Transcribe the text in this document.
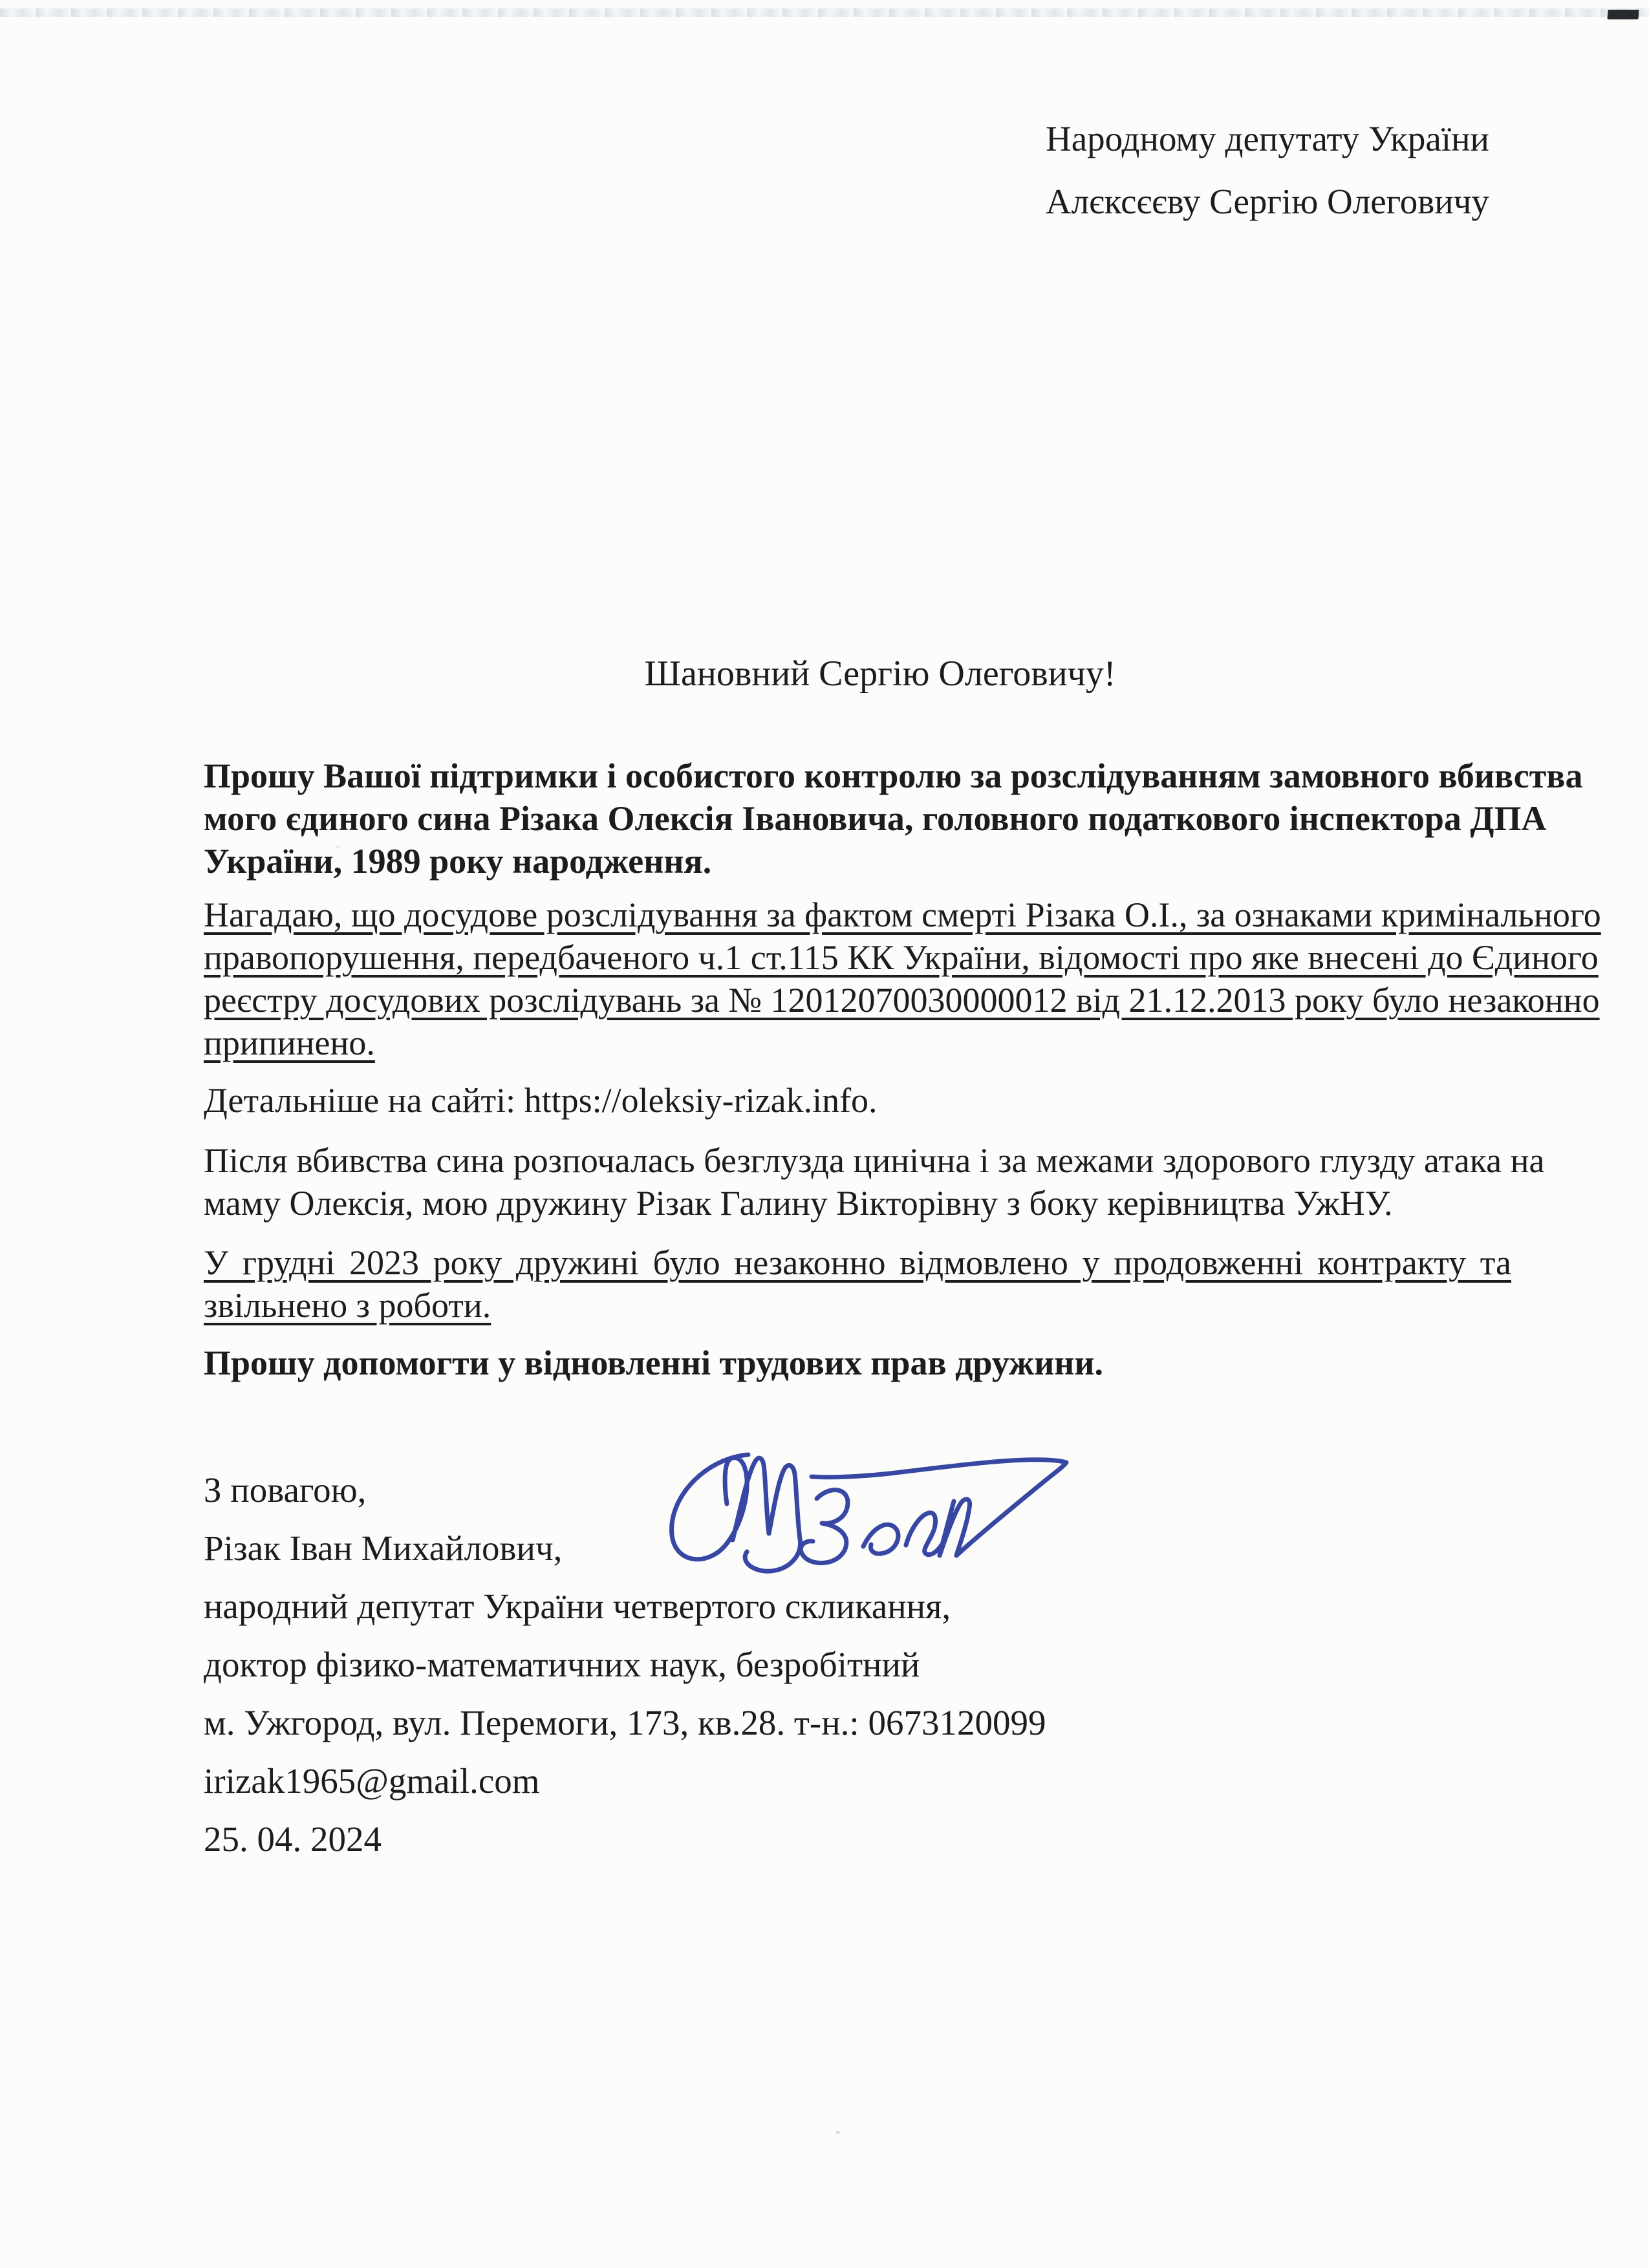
Народному депутату України
Алєксєєву Сергію Олеговичу
Шановний Сергію Олеговичу!
Прошу Вашої підтримки і особистого контролю за розслідуванням замовного вбивства
мого єдиного сина Різака Олексія Івановича, головного податкового інспектора ДПА
України, 1989 року народження.
Нагадаю, що досудове розслідування за фактом смерті Різака О.І., за ознаками кримінального
правопорушення, передбаченого ч.1 ст.115 КК України, відомості про яке внесені до Єдиного
реєстру досудових розслідувань за № 12012070030000012 від 21.12.2013 року було незаконно
припинено.
Детальніше на сайті: https://oleksiy-rizak.info.
Після вбивства сина розпочалась безглузда цинічна і за межами здорового глузду атака на
маму Олексія, мою дружину Різак Галину Вікторівну з боку керівництва УжНУ.
У грудні 2023 року дружині було незаконно відмовлено у продовженні контракту та
звільнено з роботи.
Прошу допомогти у відновленні трудових прав дружини.
З повагою,
Різак Іван Михайлович,
народний депутат України четвертого скликання,
доктор фізико-математичних наук, безробітний
м. Ужгород, вул. Перемоги, 173, кв.28. т-н.: 0673120099
irizak1965@gmail.com
25. 04. 2024
